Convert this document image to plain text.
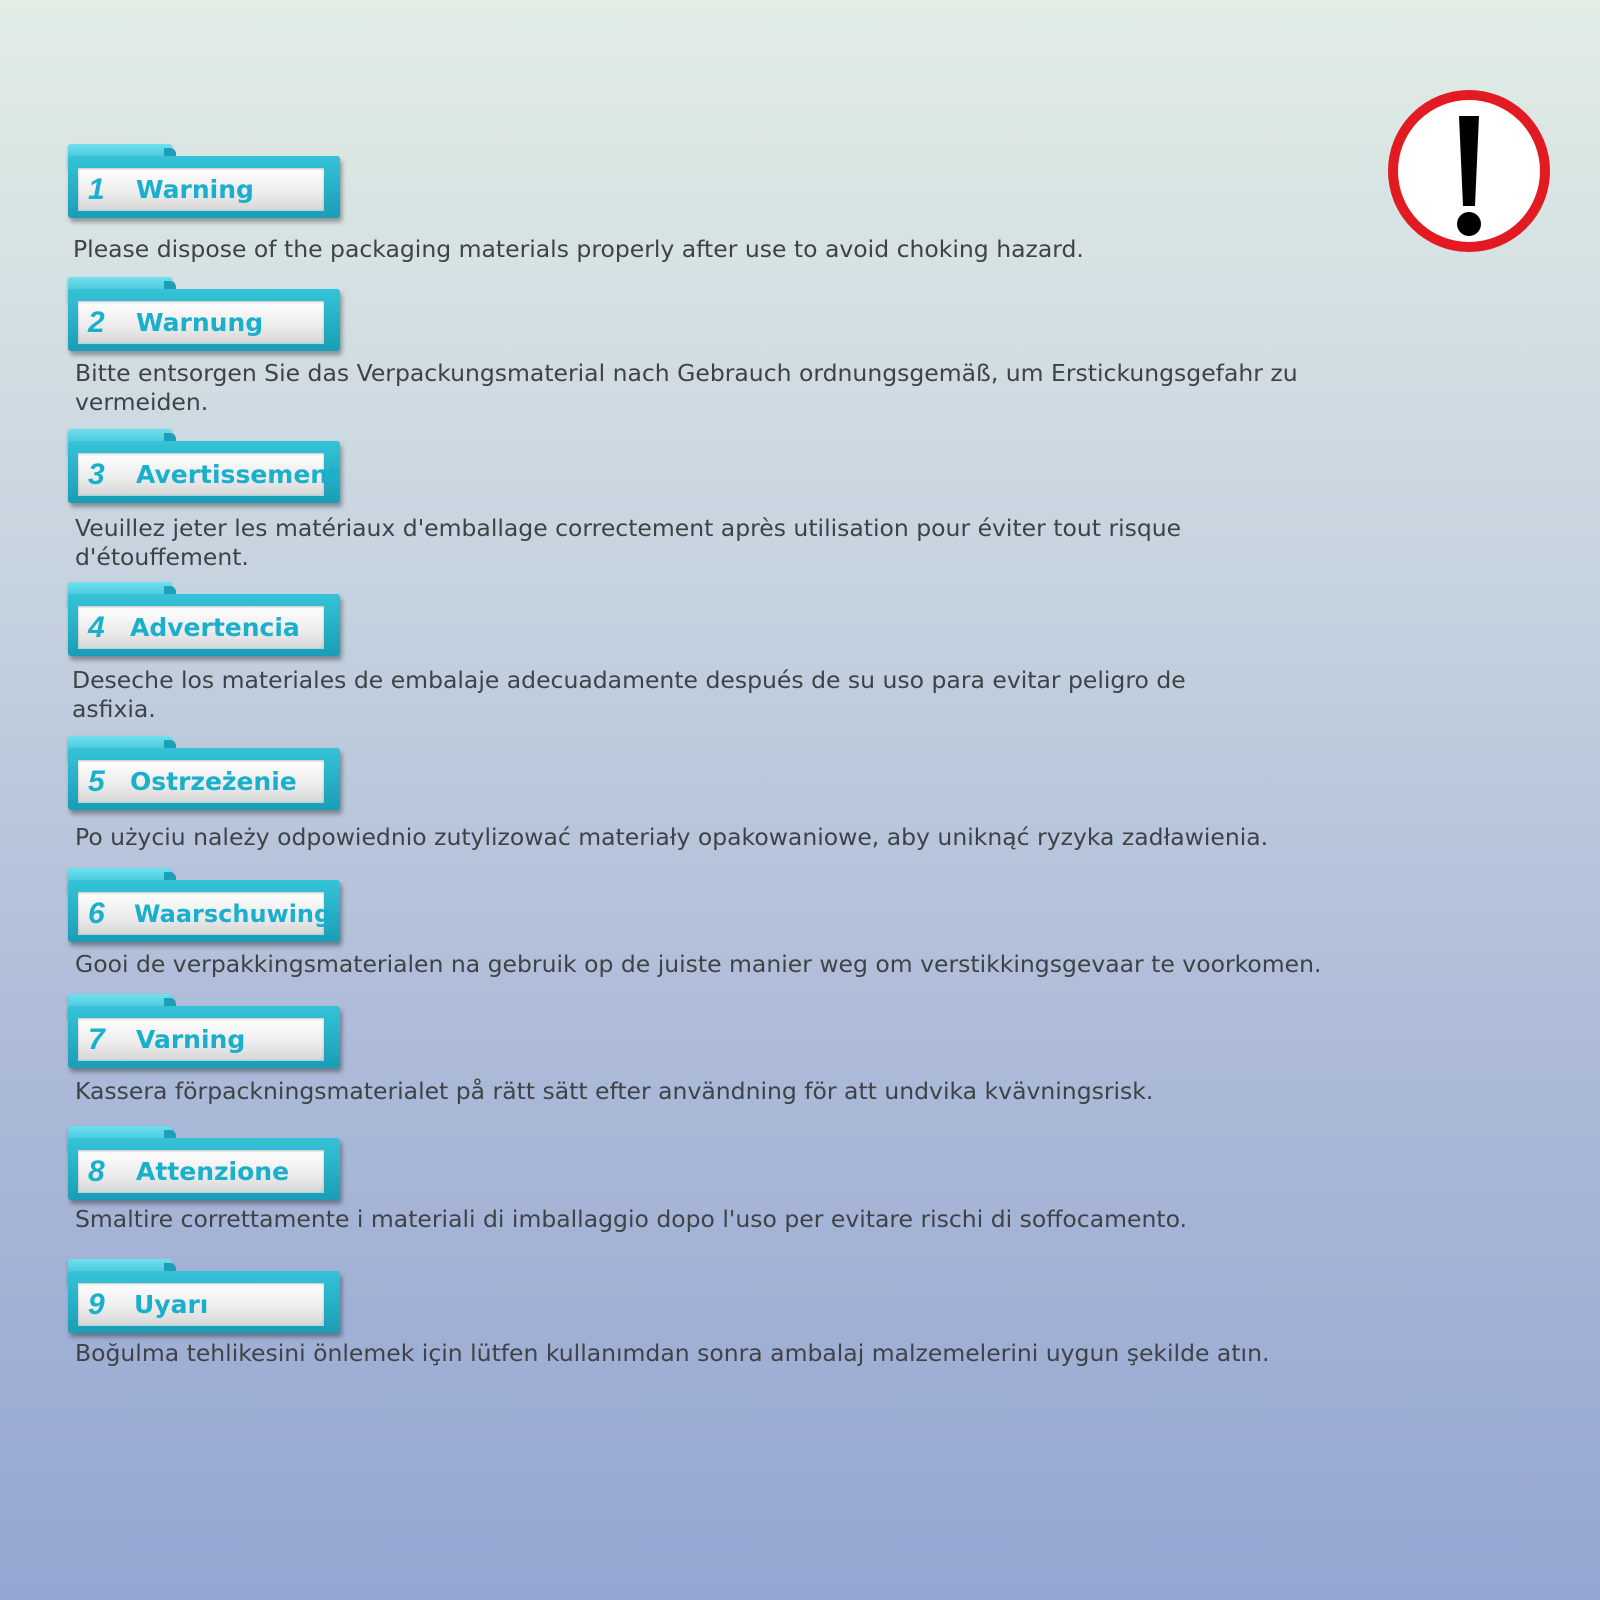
1 Warning

Please dispose of the packaging materials properly after use to avoid choking hazard.

2 Warnung

Bitte entsorgen Sie das Verpackungsmaterial nach Gebrauch ordnungsgemäß, um Erstickungsgefahr zu vermeiden.

3 Avertissement

Veuillez jeter les matériaux d'emballage correctement après utilisation pour éviter tout risque d'étouffement.

4 Advertencia

Deseche los materiales de embalaje adecuadamente después de su uso para evitar peligro de asfixia.

5 Ostrzeżenie

Po użyciu należy odpowiednio zutylizować materiały opakowaniowe, aby uniknąć ryzyka zadławienia.

6 Waarschuwing

Gooi de verpakkingsmaterialen na gebruik op de juiste manier weg om verstikkingsgevaar te voorkomen.

7 Varning

Kassera förpackningsmaterialet på rätt sätt efter användning för att undvika kvävningsrisk.

8 Attenzione

Smaltire correttamente i materiali di imballaggio dopo l'uso per evitare rischi di soffocamento.

9 Uyarı

Boğulma tehlikesini önlemek için lütfen kullanımdan sonra ambalaj malzemelerini uygun şekilde atın.
